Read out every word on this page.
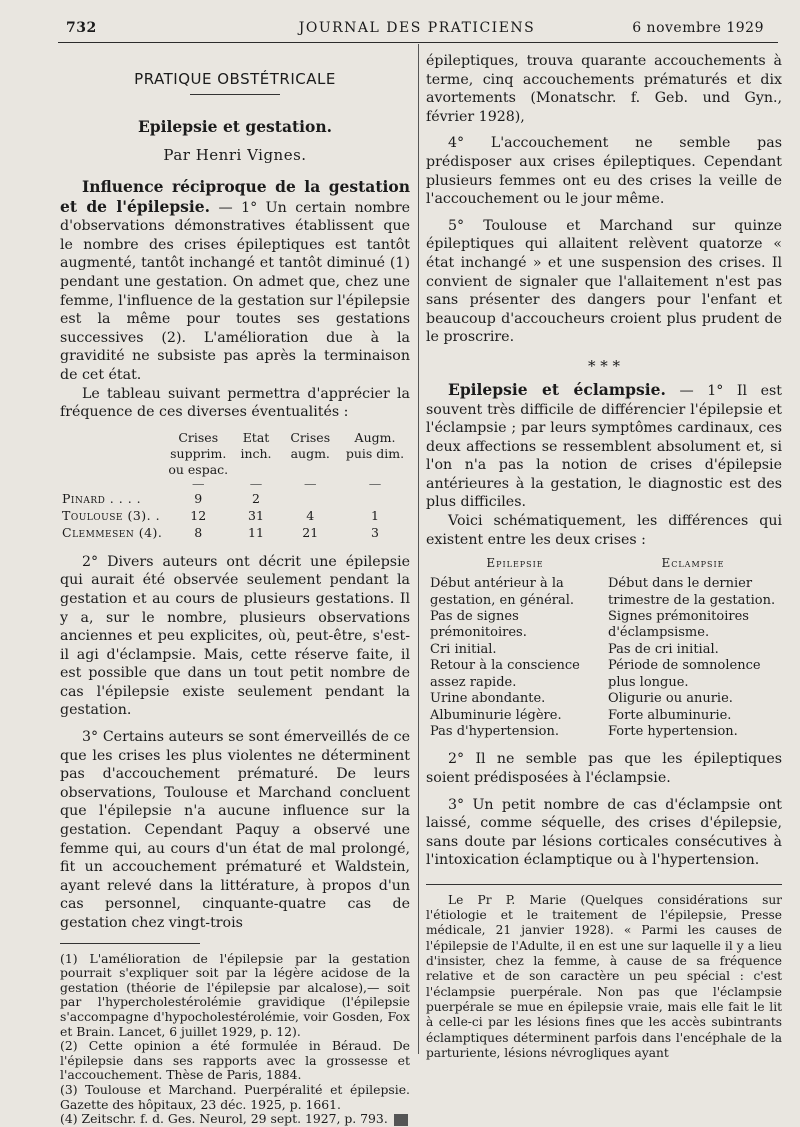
732	JOURNAL DES PRATICIENS	6 novembre 1929
PRATIQUE OBSTÉTRICALE
Epilepsie et gestation.
Par Henri Vignes.

Influence réciproque de la gestation et de l'épilepsie. — 1° Un certain nombre d'observations démonstratives établissent que le nombre des crises épileptiques est tantôt augmenté, tantôt inchangé et tantôt diminué (1) pendant une gestation. On admet que, chez une femme, l'influence de la gestation sur l'épilepsie est la même pour toutes ses gestations successives (2). L'amélioration due à la gravidité ne subsiste pas après la terminaison de cet état.

Le tableau suivant permettra d'apprécier la fréquence de ces diverses éventualités :

	Crises supprim. ou espac.	Etat inch.	Crises augm.	Augm. puis dim.
	—	—	—	—
Pinard . . . .	9	2		
Toulouse (3). .	12	31	4	1
Clemmesen (4).	8	11	21	3

2° Divers auteurs ont décrit une épilepsie qui aurait été observée seulement pendant la gestation et au cours de plusieurs gestations. Il y a, sur le nombre, plusieurs observations anciennes et peu explicites, où, peut-être, s'est-il agi d'éclampsie. Mais, cette réserve faite, il est possible que dans un tout petit nombre de cas l'épilepsie existe seulement pendant la gestation.

3° Certains auteurs se sont émerveillés de ce que les crises les plus violentes ne déterminent pas d'accouchement prématuré. De leurs observations, Toulouse et Marchand concluent que l'épilepsie n'a aucune influence sur la gestation. Cependant Paquy a observé une femme qui, au cours d'un état de mal prolongé, fit un accouchement prématuré et Waldstein, ayant relevé dans la littérature, à propos d'un cas personnel, cinquante-quatre cas de gestation chez vingt-trois

(1) L'amélioration de l'épilepsie par la gestation pourrait s'expliquer soit par la légère acidose de la gestation (théorie de l'épilepsie par alcalose),— soit par l'hypercholestérolémie gravidique (l'épilepsie s'accompagne d'hypocholestérolémie, voir Gosden, Fox et Brain. Lancet, 6 juillet 1929, p. 12).

(2) Cette opinion a été formulée in Béraud. De l'épilepsie dans ses rapports avec la grossesse et l'accouchement. Thèse de Paris, 1884.

(3) Toulouse et Marchand. Puerpéralité et épilepsie. Gazette des hôpitaux, 23 déc. 1925, p. 1661.

(4) Zeitschr. f. d. Ges. Neurol, 29 sept. 1927, p. 793.

épileptiques, trouva quarante accouchements à terme, cinq accouchements prématurés et dix avortements (Monatschr. f. Geb. und Gyn., février 1928),

4° L'accouchement ne semble pas prédisposer aux crises épileptiques. Cependant plusieurs femmes ont eu des crises la veille de l'accouchement ou le jour même.

5° Toulouse et Marchand sur quinze épileptiques qui allaitent relèvent quatorze « état inchangé » et une suspension des crises. Il convient de signaler que l'allaitement n'est pas sans présenter des dangers pour l'enfant et beaucoup d'accoucheurs croient plus prudent de le proscrire.

* * *

Epilepsie et éclampsie. — 1° Il est souvent très difficile de différencier l'épilepsie et l'éclampsie ; par leurs symptômes cardinaux, ces deux affections se ressemblent absolument et, si l'on n'a pas la notion de crises d'épilepsie antérieures à la gestation, le diagnostic est des plus difficiles.

Voici schématiquement, les différences qui existent entre les deux crises :

Epilepsie	Eclampsie
Début antérieur à la gestation, en général.	Début dans le dernier trimestre de la gestation.
Pas de signes prémonitoires.	Signes prémonitoires d'éclampsisme.
Cri initial.	Pas de cri initial.
Retour à la conscience assez rapide.	Période de somnolence plus longue.
Urine abondante.	Oligurie ou anurie.
Albuminurie légère.	Forte albuminurie.
Pas d'hypertension.	Forte hypertension.

2° Il ne semble pas que les épileptiques soient prédisposées à l'éclampsie.

3° Un petit nombre de cas d'éclampsie ont laissé, comme séquelle, des crises d'épilepsie, sans doute par lésions corticales consécutives à l'intoxication éclamptique ou à l'hypertension.

Le Pr P. Marie (Quelques considérations sur l'étiologie et le traitement de l'épilepsie, Presse médicale, 21 janvier 1928). « Parmi les causes de l'épilepsie de l'Adulte, il en est une sur laquelle il y a lieu d'insister, chez la femme, à cause de sa fréquence relative et de son caractère un peu spécial : c'est l'éclampsie puerpérale. Non pas que l'éclampsie puerpérale se mue en épilepsie vraie, mais elle fait le lit à celle-ci par les lésions fines que les accès subintrants éclamptiques déterminent parfois dans l'encéphale de la parturiente, lésions névrogliques ayant
